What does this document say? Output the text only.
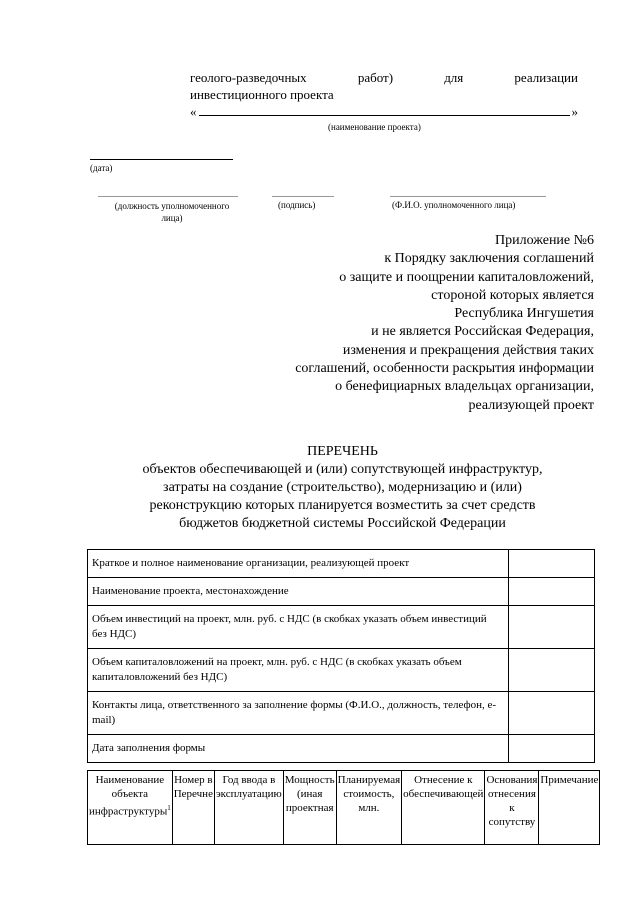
геолого-разведочных	работ)	для	реализации
инвестиционного проекта
«	»
(наименование проекта)
(дата)
(должность уполномоченного
лица)
(подпись)	(Ф.И.О. уполномоченного лица)
Приложение №6
к Порядку заключения соглашений
о защите и поощрении капиталовложений,
стороной которых является
Республика Ингушетия
и не является Российская Федерация,
изменения и прекращения действия таких
соглашений, особенности раскрытия информации
о бенефициарных владельцах организации,
реализующей проект
ПЕРЕЧЕНЬ
объектов обеспечивающей и (или) сопутствующей инфраструктур,
затраты на создание (строительство), модернизацию и (или)
реконструкцию которых планируется возместить за счет средств
бюджетов бюджетной системы Российской Федерации
Краткое и полное наименование организации, реализующей проект	
Наименование проекта, местонахождение	
Объем инвестиций на проект, млн. руб. с НДС (в скобках указать объем инвестиций без НДС)	
Объем капиталовложений на проект, млн. руб. с НДС (в скобках указать объем капиталовложений без НДС)	
Контакты лица, ответственного за заполнение формы (Ф.И.О., должность, телефон, e-mail)	
Дата заполнения формы	
Наименование объекта инфраструктуры$^1$	Номер в Перечне	Год ввода в эксплуатацию	Мощность (иная проектная	Планируемая стоимость, млн.	Отнесение к обеспечивающей	Основания отнесения к сопутству	Примечание
